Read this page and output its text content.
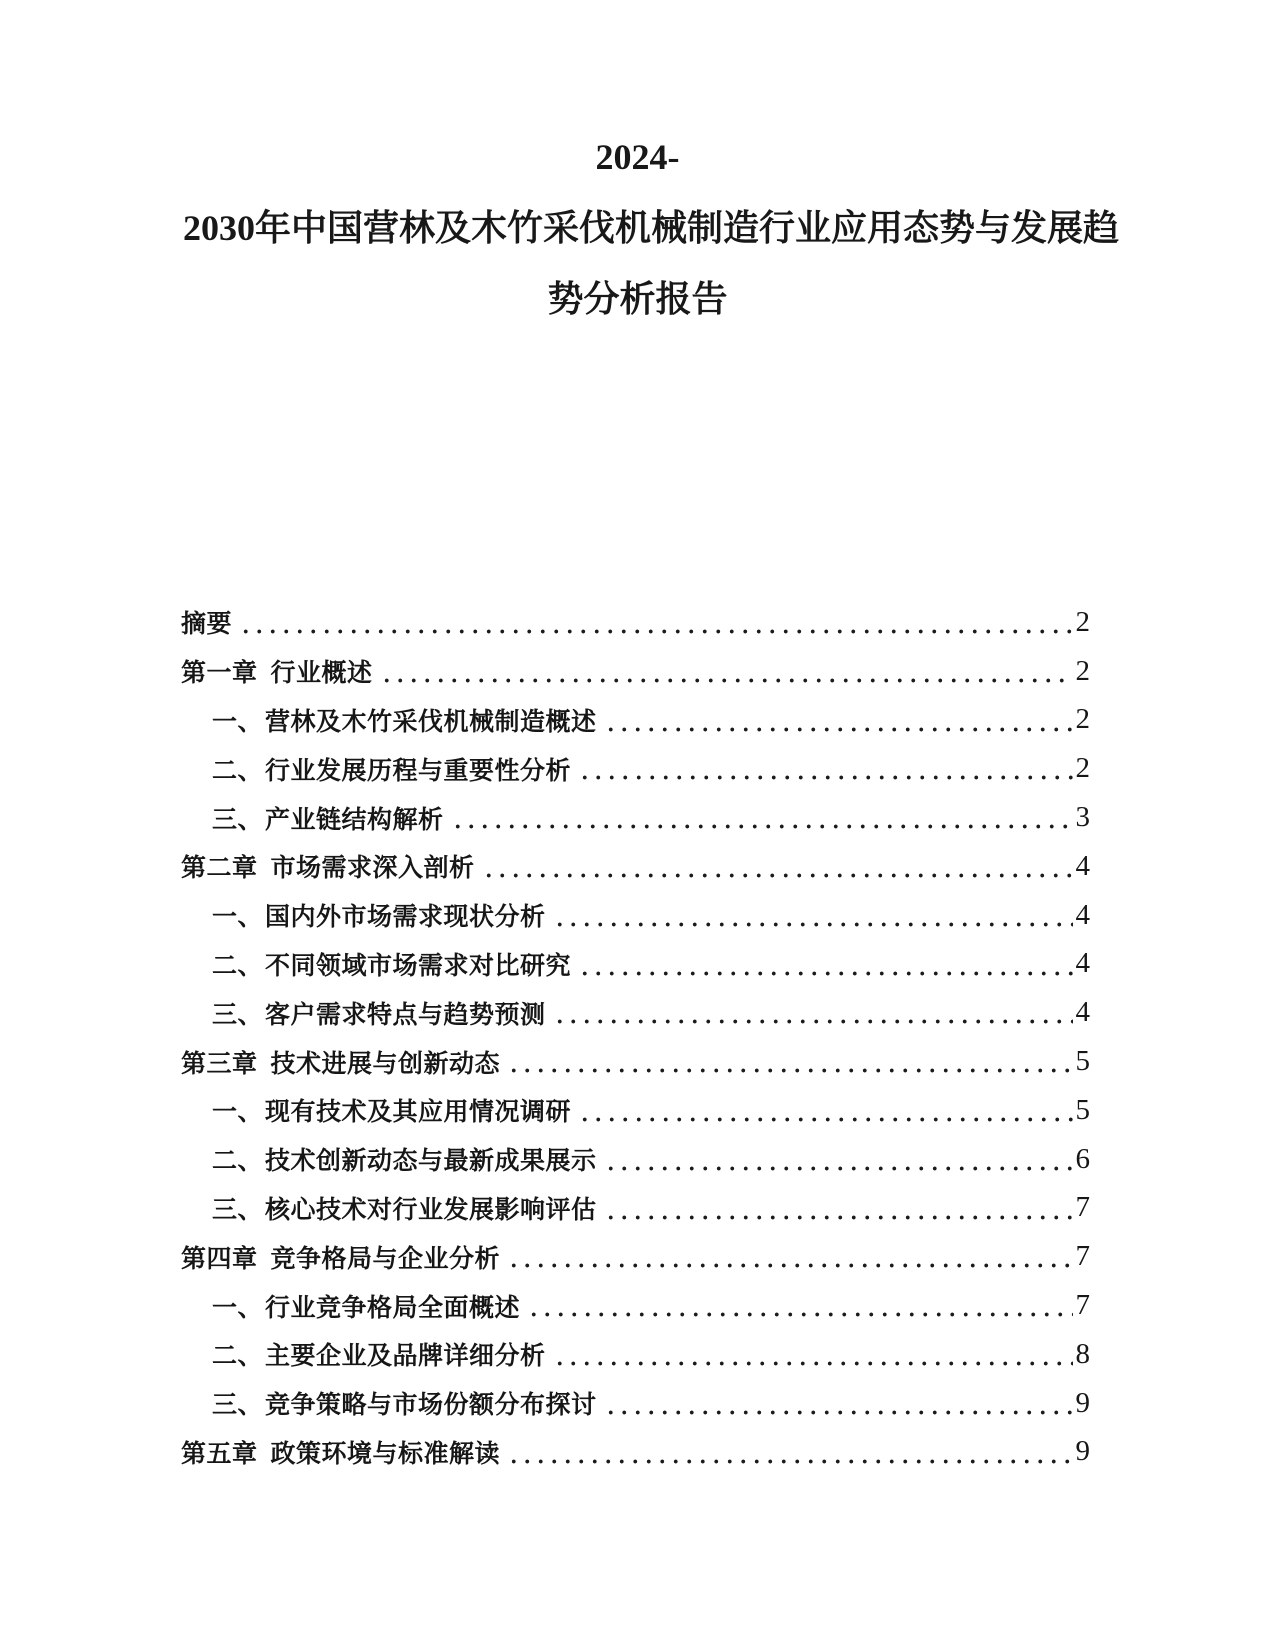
2024-
2030年中国营林及木竹采伐机械制造行业应用态势与发展趋
势分析报告
摘要	2
第一章 行业概述	2
一、 营林及木竹采伐机械制造概述	2
二、 行业发展历程与重要性分析	2
三、 产业链结构解析	3
第二章 市场需求深入剖析	4
一、 国内外市场需求现状分析	4
二、 不同领域市场需求对比研究	4
三、 客户需求特点与趋势预测	4
第三章 技术进展与创新动态	5
一、 现有技术及其应用情况调研	5
二、 技术创新动态与最新成果展示	6
三、 核心技术对行业发展影响评估	7
第四章 竞争格局与企业分析	7
一、 行业竞争格局全面概述	7
二、 主要企业及品牌详细分析	8
三、 竞争策略与市场份额分布探讨	9
第五章 政策环境与标准解读	9
